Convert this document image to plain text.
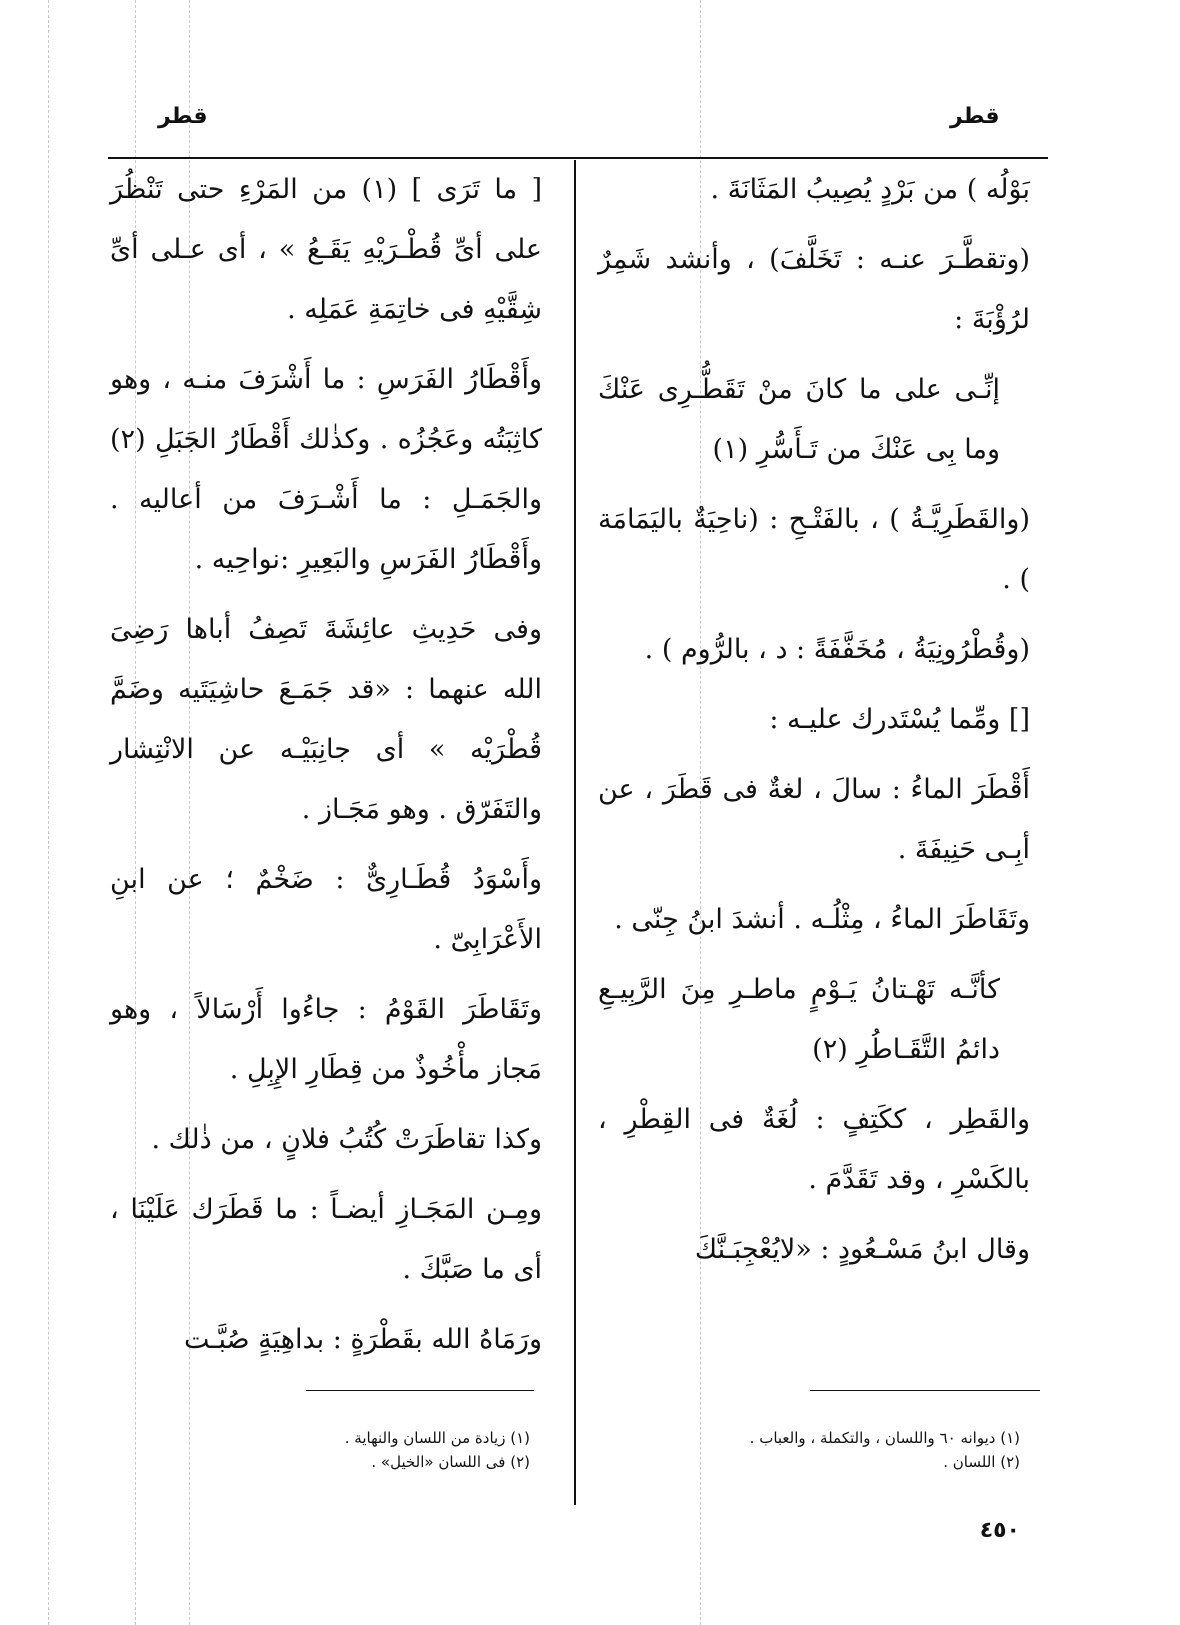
قطر
قطر

بَوْلُه ) من بَرْدٍ يُصِيبُ المَثَانَةَ .

(وتقطَّـرَ عنـه : تَخَلَّفَ) ، وأنشد شَمِرٌ لرُؤْبَةَ :

إنِّـى على ما كانَ منْ تَقَطُّـرِى عَنْكَ وما بِى عَنْكَ من تَـأَسُّرِ (١)

(والقَطَرِيَّـةُ ) ، بالفَتْـحِ : (ناحِيَةٌ باليَمَامَة ) .

(وقُطْرُونِيَةُ ، مُخَفَّفَةً : د ، بالرُّوم ) .

[] ومِّما يُسْتَدرك عليـه :

أَقْطَرَ الماءُ : سالَ ، لغةٌ فى قَطَرَ ، عن أبِـى حَنِيفَةَ .

وتَقَاطَرَ الماءُ ، مِثْلُـه . أنشدَ ابنُ جِنّى .

كأنَّـه تَهْـتانُ يَـوْمٍ ماطـرِ مِنَ الرَّبِيـعِ دائمُ التَّقَـاطُرِ (٢)

والقَطِر ، ككَتِفٍ : لُغَةٌ فى القِطْرِ ، بالكَسْرِ ، وقد تَقَدَّمَ .

وقال ابنُ مَسْـعُودٍ : «لايُعْجِبَـنَّكَ

[ ما تَرَى ] (١) من المَرْءِ حتى تَنْظُرَ على أىِّ قُطْـرَيْهِ يَقَـعُ » ، أى عـلى أىِّ شِقَّيْهِ فى خاتِمَةِ عَمَلِه .

وأَقْطَارُ الفَرَسِ : ما أَشْرَفَ منـه ، وهو كاثِبَتُه وعَجُزُه . وكذٰلك أَقْطَارُ الجَبَلِ (٢) والجَمَـلِ : ما أَشْـرَفَ من أعاليه . وأَقْطَارُ الفَرَسِ والبَعِيرِ :نواحِيه .

وفى حَدِيثِ عائِشَةَ تَصِفُ أباها رَضِىَ الله عنهما : «قد جَمَـعَ حاشِيَتَيه وضَمَّ قُطْرَيْه » أى جانِبَيْـه عن الانْتِشار والتَفَرّق . وهو مَجَـاز .

وأَسْوَدُ قُطَـارِىٌّ : ضَخْمٌ ؛ عن ابنِ الأَعْرَابِىّ .

وتَقَاطَرَ القَوْمُ : جاءُوا أَرْسَالاً ، وهو مَجاز مأْخُوذٌ من قِطَارِ الإِبِلِ .

وكذا تقاطَرَتْ كُتُبُ فلانٍ ، من ذٰلك .

ومِـن المَجَـازِ أيضـاً : ما قَطَرَك عَلَيْنَا ، أى ما صَبَّكَ .

ورَمَاهُ الله بقَطْرَةٍ : بداهِيَةٍ صُبَّـت

(١) ديوانه ٦٠ واللسان ، والتكملة ، والعباب .
(٢) اللسان .
(١) زيادة من اللسان والنهاية .
(٢) فى اللسان «الخيل» .
٤٥٠
